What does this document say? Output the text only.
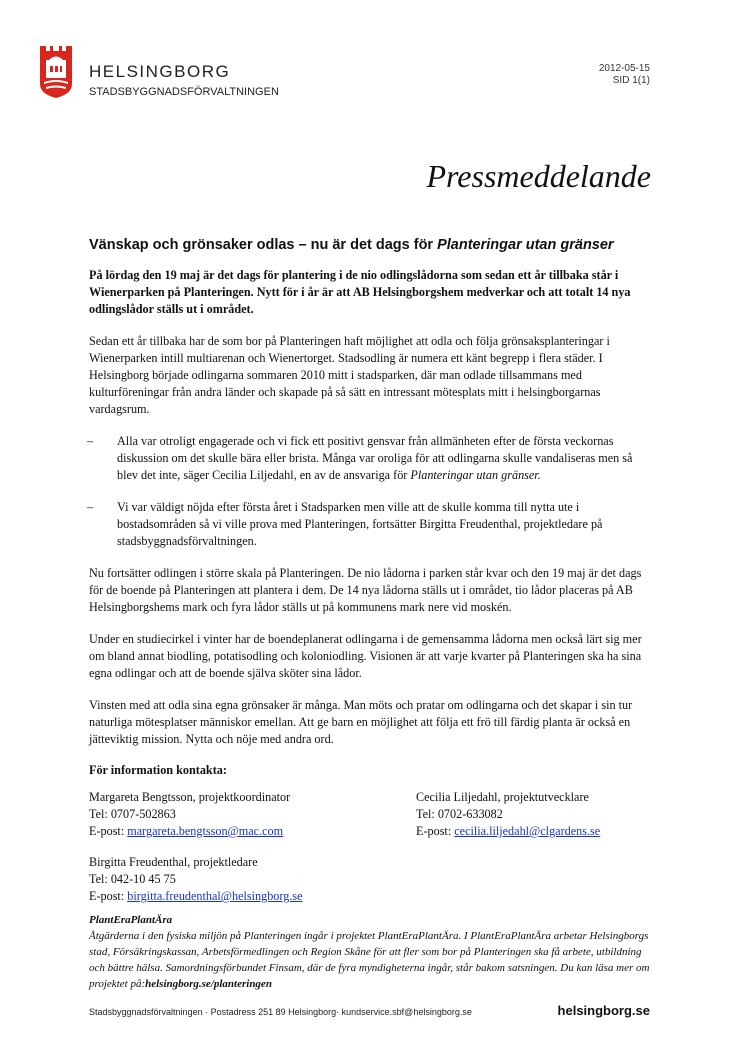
HELSINGBORG
STADSBYGGNADSFÖRVALTNINGEN
2012-05-15
SID 1(1)
Pressmeddelande
Vänskap och grönsaker odlas – nu är det dags för Planteringar utan gränser

På lördag den 19 maj är det dags för plantering i de nio odlingslådorna som sedan ett år tillbaka står i Wienerparken på Planteringen. Nytt för i år är att AB Helsingborgshem medverkar och att totalt 14 nya odlingslådor ställs ut i området.

Sedan ett år tillbaka har de som bor på Planteringen haft möjlighet att odla och följa grönsaksplanteringar i Wienerparken intill multiarenan och Wienertorget. Stadsodling är numera ett känt begrepp i flera städer. I Helsingborg började odlingarna sommaren 2010 mitt i stadsparken, där man odlade tillsammans med kulturföreningar från andra länder och skapade på så sätt en intressant mötesplats mitt i helsingborgarnas vardagsrum.

–	Alla var otroligt engagerade och vi fick ett positivt gensvar från allmänheten efter de första veckornas diskussion om det skulle bära eller brista. Många var oroliga för att odlingarna skulle vandaliseras men så blev det inte, säger Cecilia Liljedahl, en av de ansvariga för Planteringar utan gränser.
–	Vi var väldigt nöjda efter första året i Stadsparken men ville att de skulle komma till nytta ute i bostadsområden så vi ville prova med Planteringen, fortsätter Birgitta Freudenthal, projektledare på stadsbyggnadsförvaltningen.

Nu fortsätter odlingen i större skala på Planteringen. De nio lådorna i parken står kvar och den 19 maj är det dags för de boende på Planteringen att plantera i dem. De 14 nya lådorna ställs ut i området, tio lådor placeras på AB Helsingborgshems mark och fyra lådor ställs ut på kommunens mark nere vid moskén.

Under en studiecirkel i vinter har de boendeplanerat odlingarna i de gemensamma lådorna men också lärt sig mer om bland annat biodling, potatisodling och koloniodling. Visionen är att varje kvarter på Planteringen ska ha sina egna odlingar och att de boende själva sköter sina lådor.

Vinsten med att odla sina egna grönsaker är många. Man möts och pratar om odlingarna och det skapar i sin tur naturliga mötesplatser människor emellan. Att ge barn en möjlighet att följa ett frö till färdig planta är också en jätteviktig mission. Nytta och nöje med andra ord.

För information kontakta:
Margareta Bengtsson, projektkoordinator
Tel: 0707-502863
E-post: margareta.bengtsson@mac.com
Cecilia Liljedahl, projektutvecklare
Tel: 0702-633082
E-post: cecilia.liljedahl@clgardens.se
Birgitta Freudenthal, projektledare
Tel: 042-10 45 75
E-post: birgitta.freudenthal@helsingborg.se
PlantEraPlantÄra
Åtgärderna i den fysiska miljön på Planteringen ingår i projektet PlantEraPlantÄra. I PlantEraPlantÄra arbetar Helsingborgs stad, Försäkringskassan, Arbetsförmedlingen och Region Skåne för att fler som bor på Planteringen ska få arbete, utbildning och bättre hälsa. Samordningsförbundet Finsam, där de fyra myndigheterna ingår, står bakom satsningen. Du kan läsa mer om projektet på:helsingborg.se/planteringen
Stadsbyggnadsförvaltningen · Postadress 251 89 Helsingborg· kundservice.sbf@helsingborg.se	helsingborg.se
